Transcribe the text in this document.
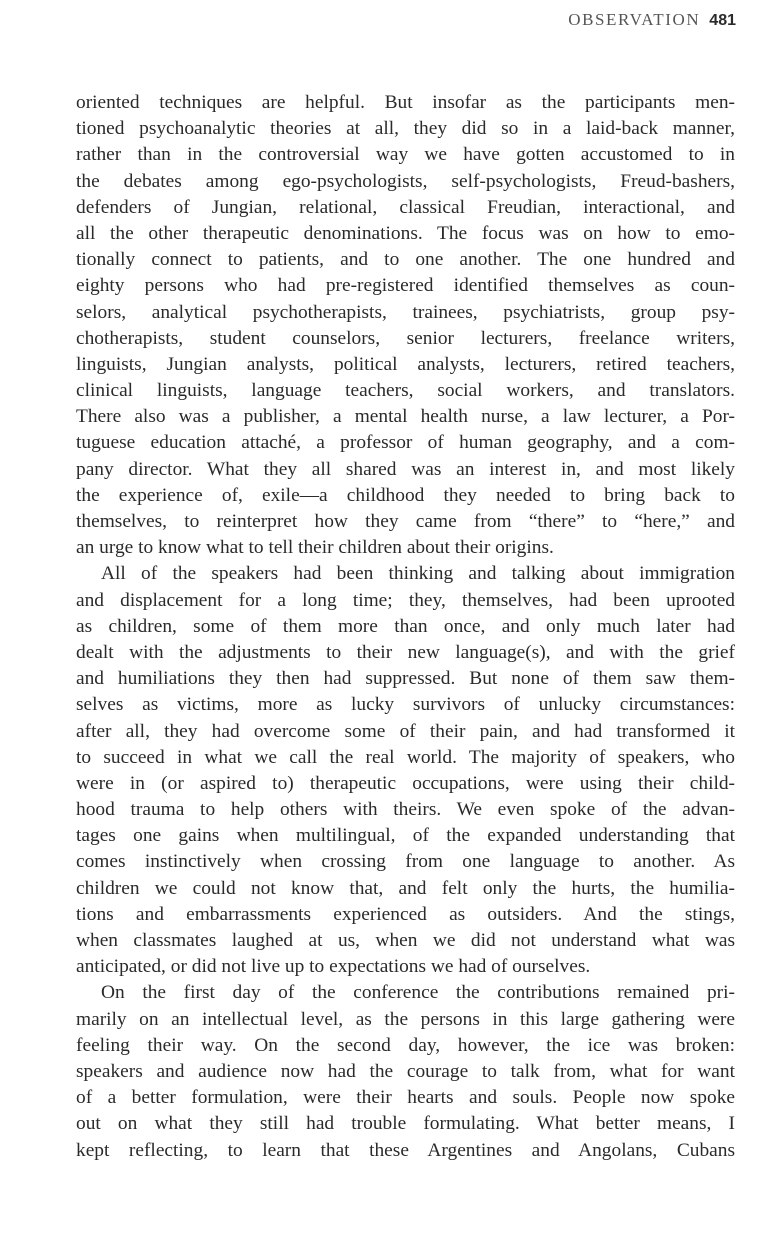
OBSERVATION 481
oriented techniques are helpful. But insofar as the participants men-
tioned psychoanalytic theories at all, they did so in a laid-back manner,
rather than in the controversial way we have gotten accustomed to in
the debates among ego-psychologists, self-psychologists, Freud-bashers,
defenders of Jungian, relational, classical Freudian, interactional, and
all the other therapeutic denominations. The focus was on how to emo-
tionally connect to patients, and to one another. The one hundred and
eighty persons who had pre-registered identified themselves as coun-
selors, analytical psychotherapists, trainees, psychiatrists, group psy-
chotherapists, student counselors, senior lecturers, freelance writers,
linguists, Jungian analysts, political analysts, lecturers, retired teachers,
clinical linguists, language teachers, social workers, and translators.
There also was a publisher, a mental health nurse, a law lecturer, a Por-
tuguese education attaché, a professor of human geography, and a com-
pany director. What they all shared was an interest in, and most likely
the experience of, exile—a childhood they needed to bring back to
themselves, to reinterpret how they came from “there” to “here,” and
an urge to know what to tell their children about their origins.
All of the speakers had been thinking and talking about immigration
and displacement for a long time; they, themselves, had been uprooted
as children, some of them more than once, and only much later had
dealt with the adjustments to their new language(s), and with the grief
and humiliations they then had suppressed. But none of them saw them-
selves as victims, more as lucky survivors of unlucky circumstances:
after all, they had overcome some of their pain, and had transformed it
to succeed in what we call the real world. The majority of speakers, who
were in (or aspired to) therapeutic occupations, were using their child-
hood trauma to help others with theirs. We even spoke of the advan-
tages one gains when multilingual, of the expanded understanding that
comes instinctively when crossing from one language to another. As
children we could not know that, and felt only the hurts, the humilia-
tions and embarrassments experienced as outsiders. And the stings,
when classmates laughed at us, when we did not understand what was
anticipated, or did not live up to expectations we had of ourselves.
On the first day of the conference the contributions remained pri-
marily on an intellectual level, as the persons in this large gathering were
feeling their way. On the second day, however, the ice was broken:
speakers and audience now had the courage to talk from, what for want
of a better formulation, were their hearts and souls. People now spoke
out on what they still had trouble formulating. What better means, I
kept reflecting, to learn that these Argentines and Angolans, Cubans
